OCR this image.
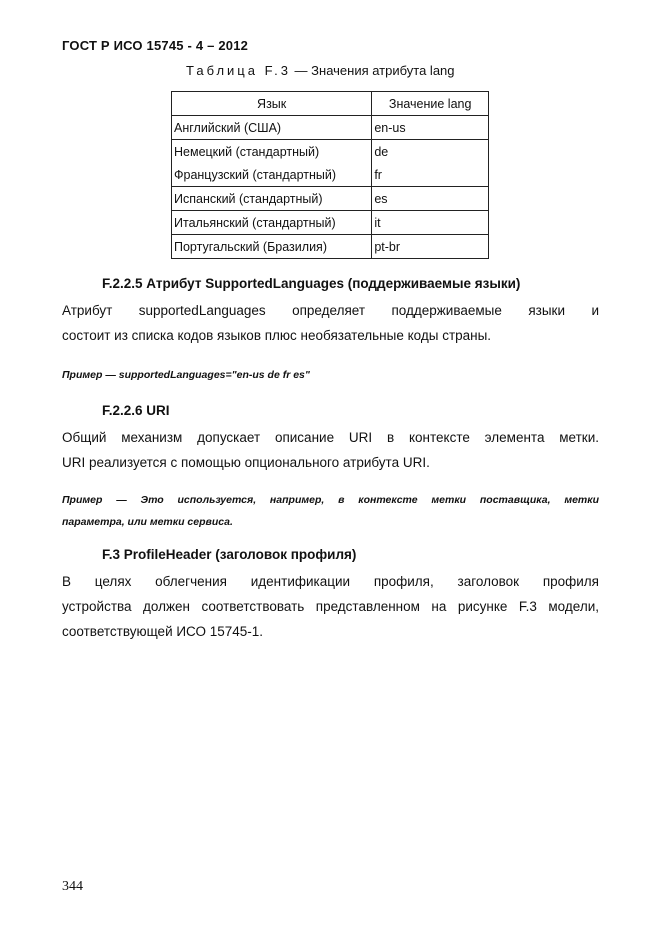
ГОСТ Р ИСО 15745 - 4 – 2012
Таблица F.3 — Значения атрибута lang
Язык	Значение lang
Английский (США)	en-us
Немецкий (стандартный)	de
Французский (стандартный)	fr
Испанский (стандартный)	es
Итальянский (стандартный)	it
Португальский (Бразилия)	pt-br
F.2.2.5 Атрибут SupportedLanguages (поддерживаемые языки)
Атрибут supportedLanguages определяет поддерживаемые языки и
состоит из списка кодов языков плюс необязательные коды страны.
Пример — supportedLanguages="en-us de fr es"
F.2.2.6 URI
Общий механизм допускает описание URI в контексте элемента метки.
URI реализуется с помощью опционального атрибута URI.
Пример — Это используется, например, в контексте метки поставщика, метки
параметра, или метки сервиса.
F.3 ProfileHeader (заголовок профиля)
В целях облегчения идентификации профиля, заголовок профиля
устройства должен соответствовать представленном на рисунке F.3 модели,
соответствующей ИСО 15745-1.
344
